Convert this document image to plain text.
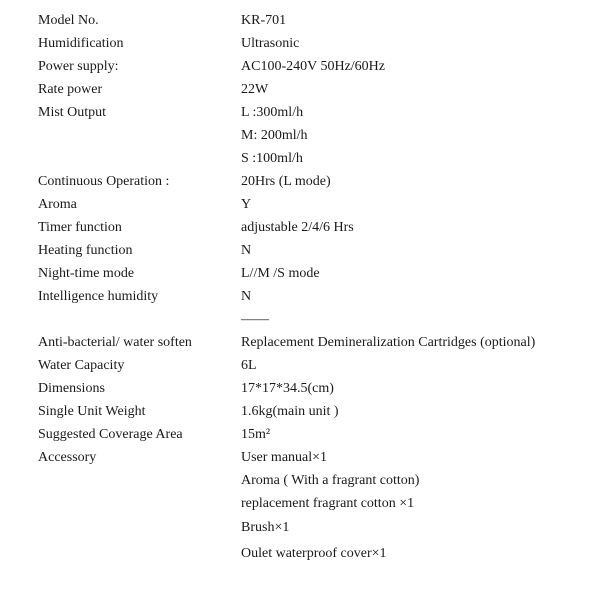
Model No.	KR-701
Humidification	Ultrasonic
Power supply:	AC100-240V 50Hz/60Hz
Rate power	22W
Mist Output	L :300ml/h
M: 200ml/h
S :100ml/h
Continuous Operation :	20Hrs (L mode)
Aroma	Y
Timer function	adjustable 2/4/6 Hrs
Heating function	N
Night-time mode	L//M /S mode
Intelligence humidity	N
——
Anti-bacterial/ water soften	Replacement Demineralization Cartridges (optional)
Water Capacity	6L
Dimensions	17*17*34.5(cm)
Single Unit Weight	1.6kg(main unit )
Suggested Coverage Area	15m²
Accessory	User manual×1
Aroma ( With a fragrant cotton)
replacement fragrant cotton ×1
Brush×1
Oulet waterproof cover×1
